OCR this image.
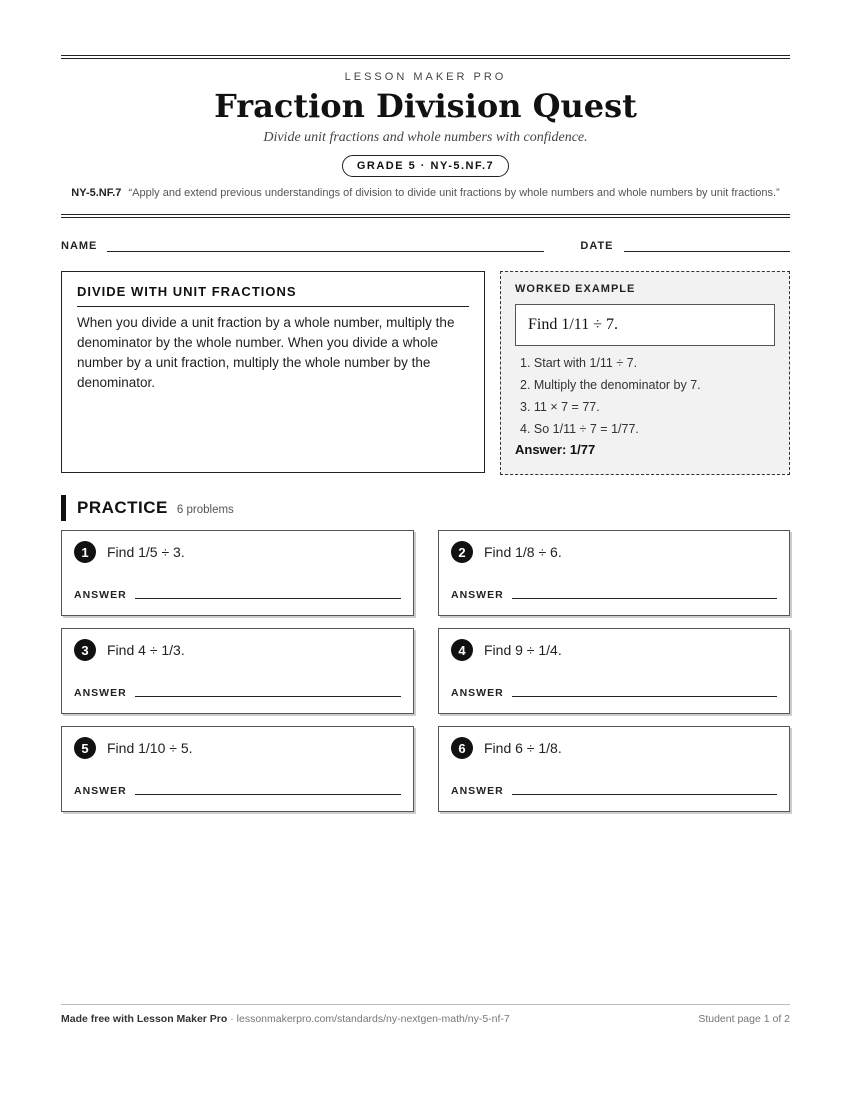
LESSON MAKER PRO
Fraction Division Quest
Divide unit fractions and whole numbers with confidence.
GRADE 5 · NY-5.NF.7
NY-5.NF.7 “Apply and extend previous understandings of division to divide unit fractions by whole numbers and whole numbers by unit fractions.”
NAME	DATE
DIVIDE WITH UNIT FRACTIONS
When you divide a unit fraction by a whole number, multiply the denominator by the whole number. When you divide a whole number by a unit fraction, multiply the whole number by the denominator.
WORKED EXAMPLE
Find 1/11 ÷ 7.
1. Start with 1/11 ÷ 7.
2. Multiply the denominator by 7.
3. 11 × 7 = 77.
4. So 1/11 ÷ 7 = 1/77.
Answer: 1/77
PRACTICE 6 problems
1	Find 1/5 ÷ 3.
ANSWER
2	Find 1/8 ÷ 6.
ANSWER
3	Find 4 ÷ 1/3.
ANSWER
4	Find 9 ÷ 1/4.
ANSWER
5	Find 1/10 ÷ 5.
ANSWER
6	Find 6 ÷ 1/8.
ANSWER
Made free with Lesson Maker Pro · lessonmakerpro.com/standards/ny-nextgen-math/ny-5-nf-7	Student page 1 of 2
